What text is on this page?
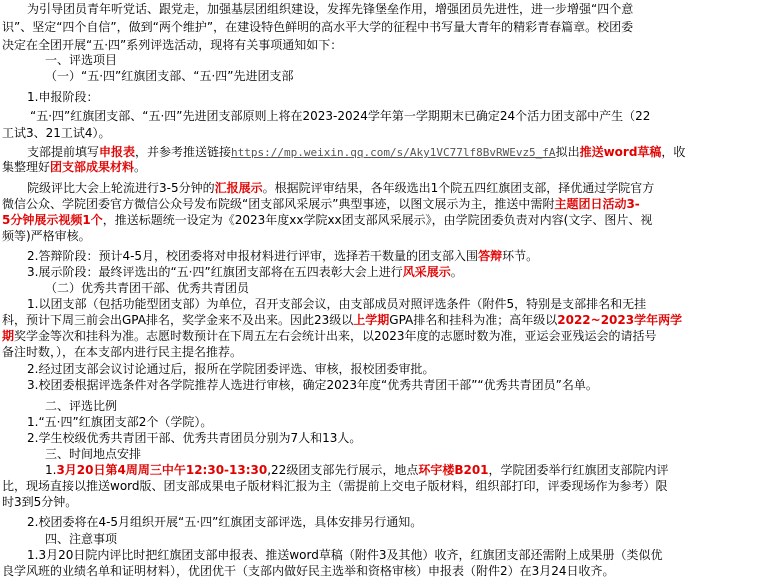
为引导团员青年听党话、跟党走，加强基层团组织建设，发挥先锋堡垒作用，增强团员先进性，进一步增强“四个意
识”、坚定“四个自信”，做到“两个维护”，在建设特色鲜明的高水平大学的征程中书写量大青年的精彩青春篇章。校团委
决定在全团开展“五·四”系列评选活动，现将有关事项通知如下：
一、评选项目
（一）“五·四”红旗团支部、“五·四”先进团支部
1.申报阶段：
“五·四”红旗团支部、“五·四”先进团支部原则上将在2023-2024学年第一学期期末已确定24个活力团支部中产生（22
工试3、21工试4）。
支部提前填写申报表，并参考推送链接https://mp.weixin.qq.com/s/Aky1VC77lf8BvRWEvz5_fA拟出推送word草稿，收
集整理好团支部成果材料。
院级评比大会上轮流进行3-5分钟的汇报展示。根据院评审结果，各年级选出1个院五四红旗团支部，择优通过学院官方
微信公众、学院团委官方微信公众号发布院级“团支部风采展示”典型事迹，以图文展示为主，推送中需附主题团日活动3-
5分钟展示视频1个，推送标题统一设定为《2023年度xx学院xx团支部风采展示》，由学院团委负责对内容(文字、图片、视
频等)严格审核。
2.答辩阶段：预计4-5月，校团委将对申报材料进行评审，选择若干数量的团支部入围答辩环节。
3.展示阶段：最终评选出的“五·四”红旗团支部将在五四表彰大会上进行风采展示。
（二）优秀共青团干部、优秀共青团员
1.以团支部（包括功能型团支部）为单位，召开支部会议，由支部成员对照评选条件（附件5，特别是支部排名和无挂
科，预计下周三前会出GPA排名，奖学金来不及出来。因此23级以上学期GPA排名和挂科为准；高年级以2022~2023学年两学
期奖学金等次和挂科为准。志愿时数预计在下周五左右会统计出来，以2023年度的志愿时数为准，亚运会亚残运会的请括号
备注时数，），在本支部内进行民主提名推荐。
2.经过团支部会议讨论通过后，报所在学院团委评选、审核，报校团委审批。
3.校团委根据评选条件对各学院推荐人选进行审核，确定2023年度“优秀共青团干部”“优秀共青团员”名单。
二、评选比例
1.“五·四”红旗团支部2个（学院）。
2.学生校级优秀共青团干部、优秀共青团员分别为7人和13人。
三、时间地点安排
1.3月20日第4周周三中午12:30-13:30,22级团支部先行展示，地点环宇楼B201，学院团委举行红旗团支部院内评
比，现场直接以推送word版、团支部成果电子版材料汇报为主（需提前上交电子版材料，组织部打印，评委现场作为参考）限
时3到5分钟。
2.校团委将在4-5月组织开展“五·四”红旗团支部评选，具体安排另行通知。
四、注意事项
1.3月20日院内评比时把红旗团支部申报表、推送word草稿（附件3及其他）收齐，红旗团支部还需附上成果册（类似优
良学风班的业绩名单和证明材料），优团优干（支部内做好民主选举和资格审核）申报表（附件2）在3月24日收齐。
